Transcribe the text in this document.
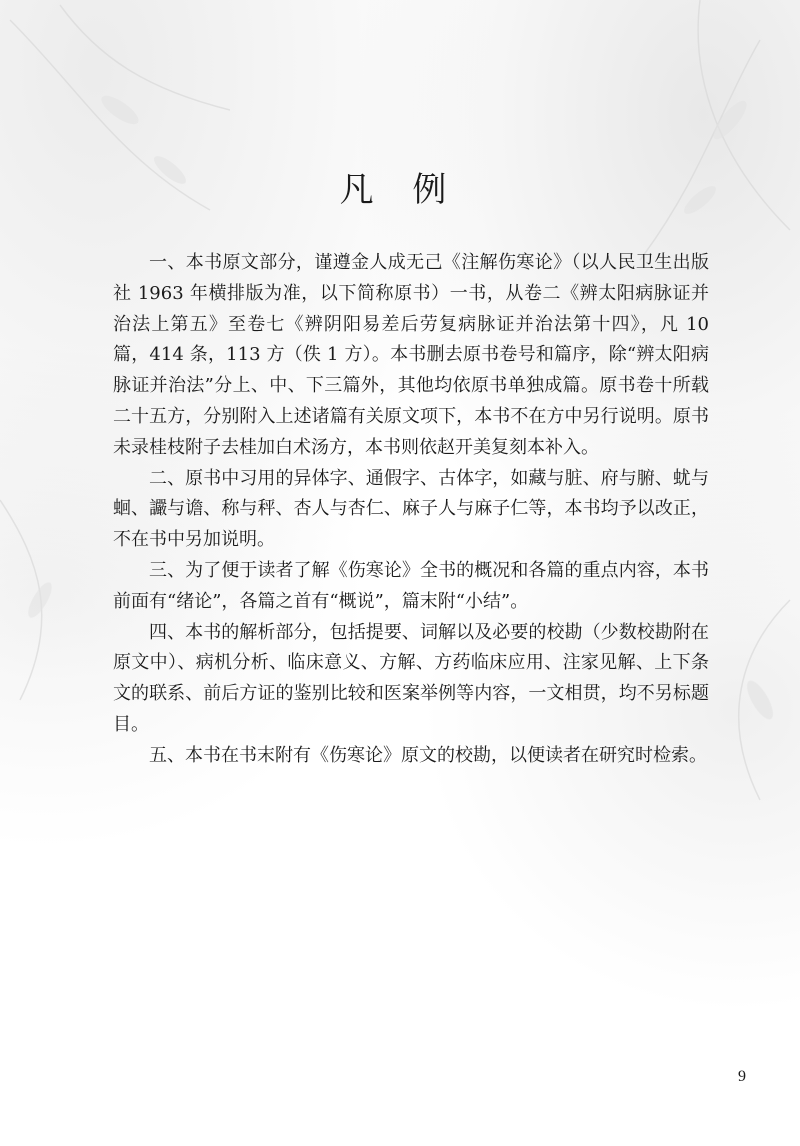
凡 例

一、本书原文部分，谨遵金人成无己《注解伤寒论》（以人民卫生出版社 1963 年横排版为准，以下简称原书）一书，从卷二《辨太阳病脉证并治法上第五》至卷七《辨阴阳易差后劳复病脉证并治法第十四》，凡 10 篇，414 条，113 方（佚 1 方）。本书删去原书卷号和篇序，除“辨太阳病脉证并治法”分上、中、下三篇外，其他均依原书单独成篇。原书卷十所载二十五方，分别附入上述诸篇有关原文项下，本书不在方中另行说明。原书未录桂枝附子去桂加白术汤方，本书则依赵开美复刻本补入。

二、原书中习用的异体字、通假字、古体字，如藏与脏、府与腑、蚘与蛔、讝与谵、称与秤、杏人与杏仁、麻子人与麻子仁等，本书均予以改正，不在书中另加说明。

三、为了便于读者了解《伤寒论》全书的概况和各篇的重点内容，本书前面有“绪论”，各篇之首有“概说”，篇末附“小结”。

四、本书的解析部分，包括提要、词解以及必要的校勘（少数校勘附在原文中）、病机分析、临床意义、方解、方药临床应用、注家见解、上下条文的联系、前后方证的鉴别比较和医案举例等内容，一文相贯，均不另标题目。

五、本书在书末附有《伤寒论》原文的校勘，以便读者在研究时检索。

9
